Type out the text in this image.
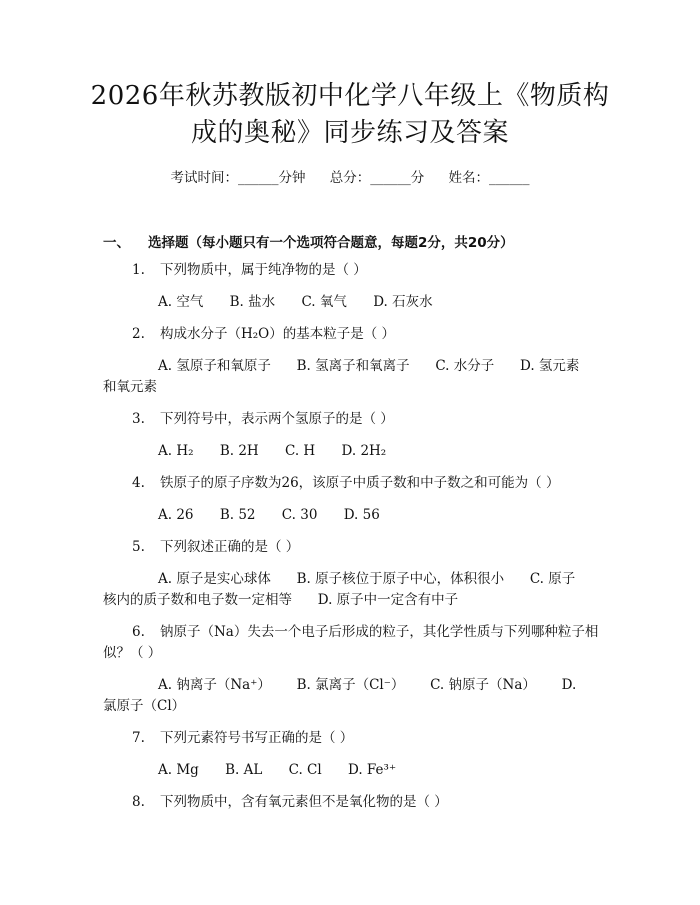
2026年秋苏教版初中化学八年级上《物质构
成的奥秘》同步练习及答案
考试时间：______分钟 总分：______分 姓名：______
一、 选择题（每小题只有一个选项符合题意，每题2分，共20分）
1. 下列物质中，属于纯净物的是（ ）
A. 空气 B. 盐水 C. 氧气 D. 石灰水
2. 构成水分子（H₂O）的基本粒子是（ ）
A. 氢原子和氧原子      B. 氢离子和氧离子      C. 水分子      D. 氢元素
和氧元素
3. 下列符号中，表示两个氢原子的是（ ）
A. H₂ B. 2H C. H D. 2H₂
4. 铁原子的原子序数为26，该原子中质子数和中子数之和可能为（ ）
A. 26 B. 52 C. 30 D. 56
5. 下列叙述正确的是（ ）
A. 原子是实心球体      B. 原子核位于原子中心，体积很小      C. 原子
核内的质子数和电子数一定相等      D. 原子中一定含有中子
6. 钠原子（Na）失去一个电子后形成的粒子，其化学性质与下列哪种粒子相
似？（ ）
A. 钠离子（Na⁺）      B. 氯离子（Cl⁻）      C. 钠原子（Na）      D.
氯原子（Cl）
7. 下列元素符号书写正确的是（ ）
A. Mg B. AL C. Cl D. Fe³⁺
8. 下列物质中，含有氧元素但不是氧化物的是（ ）
